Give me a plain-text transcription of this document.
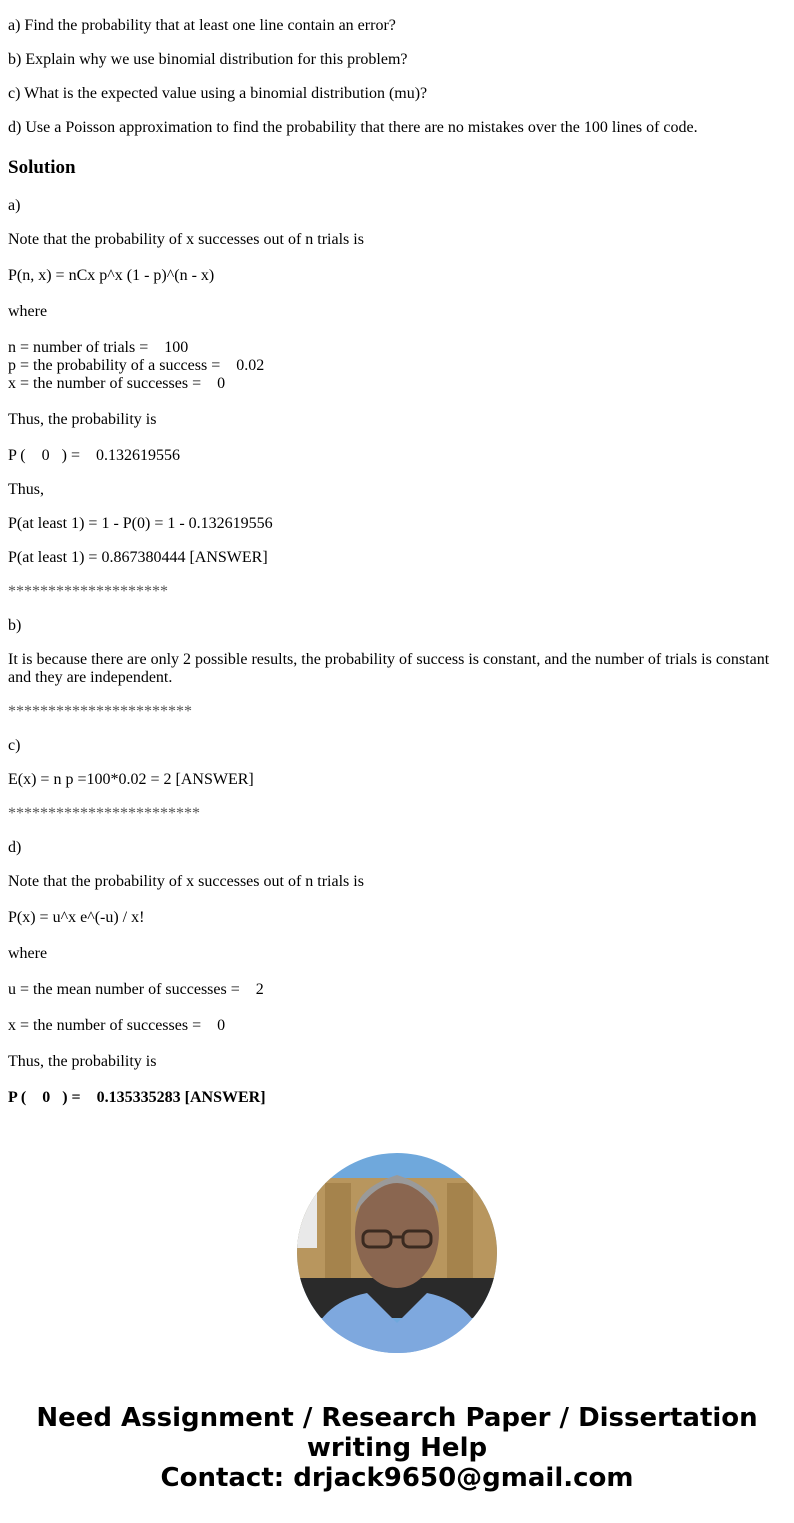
a) Find the probability that at least one line contain an error?
b) Explain why we use binomial distribution for this problem?
c) What is the expected value using a binomial distribution (mu)?
d) Use a Poisson approximation to find the probability that there are no mistakes over the 100 lines of code.
Solution
a)
Note that the probability of x successes out of n trials is
P(n, x) = nCx p^x (1 - p)^(n - x)
where
n = number of trials =    100
p = the probability of a success =    0.02
x = the number of successes =    0
Thus, the probability is
P (    0   ) =    0.132619556
Thus,
P(at least 1) = 1 - P(0) = 1 - 0.132619556
P(at least 1) = 0.867380444 [ANSWER]
********************
b)
It is because there are only 2 possible results, the probability of success is constant, and the number of trials is constant and they are independent.
***********************
c)
E(x) = n p =100*0.02 = 2 [ANSWER]
************************
d)
Note that the probability of x successes out of n trials is
P(x) = u^x e^(-u) / x!
where
u = the mean number of successes =    2
x = the number of successes =    0
Thus, the probability is
P (    0   ) =    0.135335283 [ANSWER]
Need Assignment / Research Paper / Dissertation
writing Help
Contact: drjack9650@gmail.com
